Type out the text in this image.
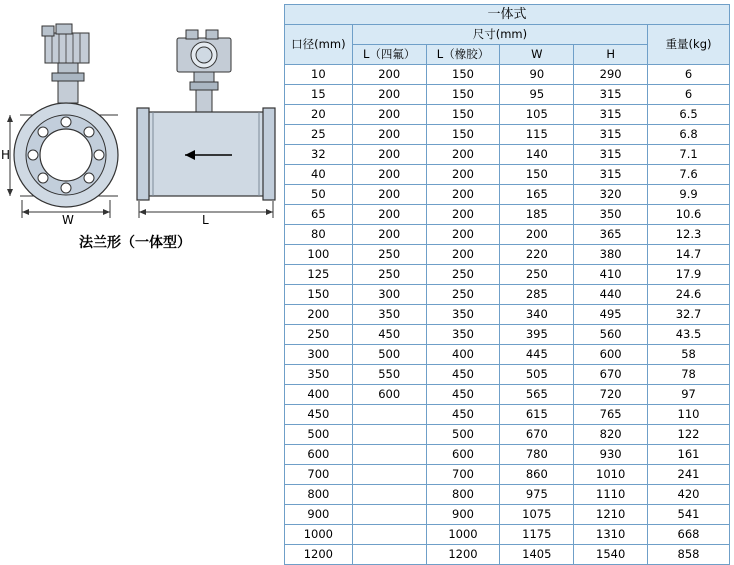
H
W	L
法兰形（一体型）
一体式					
口径(mm)	尺寸(mm)				重量(kg)
	L（四氟）	L（橡胶）	W	H	
10	200	150	90	290	6
15	200	150	95	315	6
20	200	150	105	315	6.5
25	200	150	115	315	6.8
32	200	200	140	315	7.1
40	200	200	150	315	7.6
50	200	200	165	320	9.9
65	200	200	185	350	10.6
80	200	200	200	365	12.3
100	250	200	220	380	14.7
125	250	250	250	410	17.9
150	300	250	285	440	24.6
200	350	350	340	495	32.7
250	450	350	395	560	43.5
300	500	400	445	600	58
350	550	450	505	670	78
400	600	450	565	720	97
450		450	615	765	110
500		500	670	820	122
600		600	780	930	161
700		700	860	1010	241
800		800	975	1110	420
900		900	1075	1210	541
1000		1000	1175	1310	668
1200		1200	1405	1540	858
